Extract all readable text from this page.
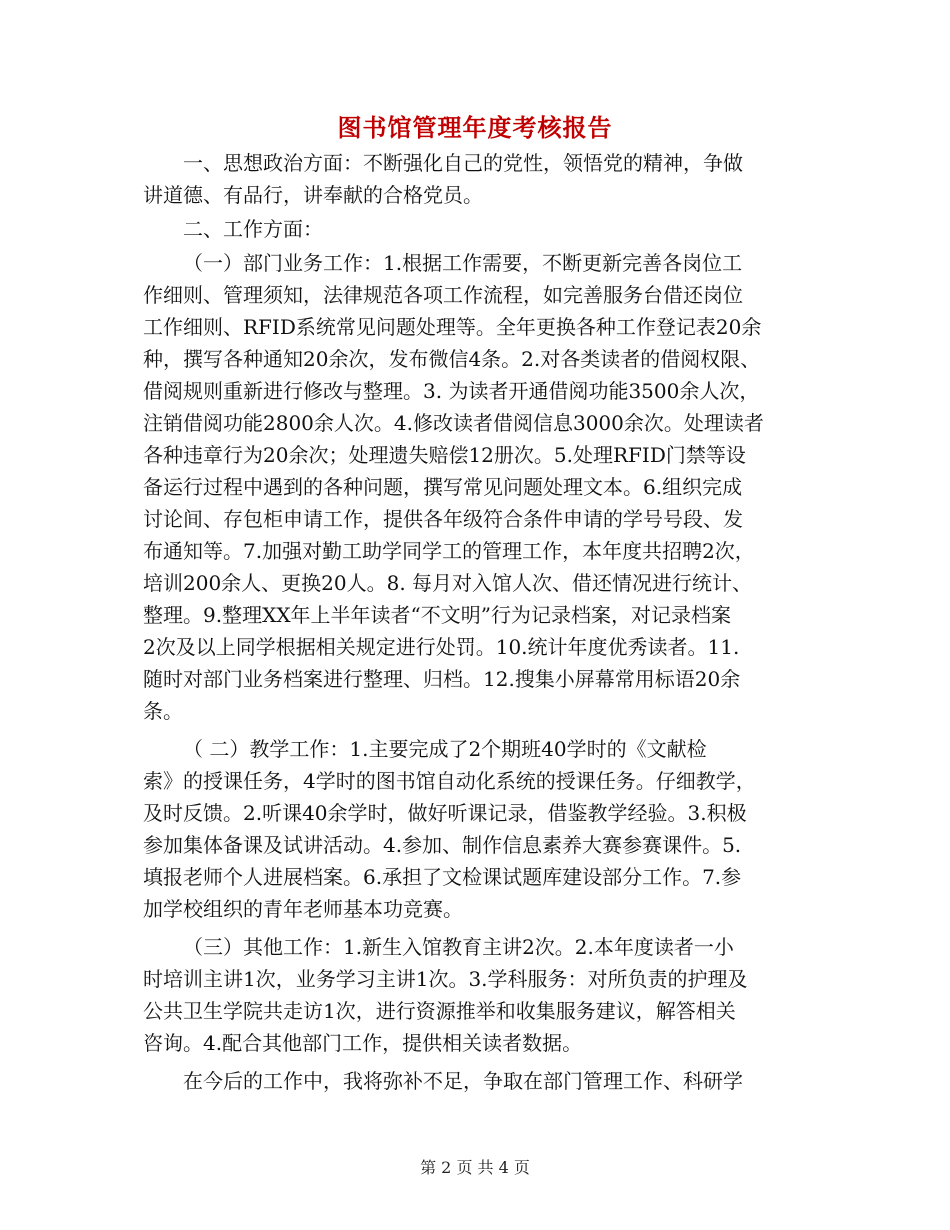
图书馆管理年度考核报告
一、思想政治方面：不断强化自己的党性，领悟党的精神，争做
讲道德、有品行，讲奉献的合格党员。
二、工作方面：
（一）部门业务工作：1.根据工作需要，不断更新完善各岗位工
作细则、管理须知，法律规范各项工作流程，如完善服务台借还岗位
工作细则、RFID系统常见问题处理等。全年更换各种工作登记表20余
种，撰写各种通知20余次，发布微信4条。2.对各类读者的借阅权限、
借阅规则重新进行修改与整理。3. 为读者开通借阅功能3500余人次，
注销借阅功能2800余人次。4.修改读者借阅信息3000余次。处理读者
各种违章行为20余次；处理遗失赔偿12册次。5.处理RFID门禁等设
备运行过程中遇到的各种问题，撰写常见问题处理文本。6.组织完成
讨论间、存包柜申请工作，提供各年级符合条件申请的学号号段、发
布通知等。7.加强对勤工助学同学工的管理工作，本年度共招聘2次，
培训200余人、更换20人。8. 每月对入馆人次、借还情况进行统计、
整理。9.整理XX年上半年读者“不文明”行为记录档案，对记录档案
2次及以上同学根据相关规定进行处罚。10.统计年度优秀读者。11.
随时对部门业务档案进行整理、归档。12.搜集小屏幕常用标语20余
条。
（ 二）教学工作：1.主要完成了2个期班40学时的《文献检
索》的授课任务，4学时的图书馆自动化系统的授课任务。仔细教学，
及时反馈。2.听课40余学时，做好听课记录，借鉴教学经验。3.积极
参加集体备课及试讲活动。4.参加、制作信息素养大赛参赛课件。5.
填报老师个人进展档案。6.承担了文检课试题库建设部分工作。7.参
加学校组织的青年老师基本功竞赛。
（三）其他工作：1.新生入馆教育主讲2次。2.本年度读者一小
时培训主讲1次，业务学习主讲1次。3.学科服务：对所负责的护理及
公共卫生学院共走访1次，进行资源推举和收集服务建议，解答相关
咨询。4.配合其他部门工作，提供相关读者数据。
在今后的工作中，我将弥补不足，争取在部门管理工作、科研学
第 2 页 共 4 页
